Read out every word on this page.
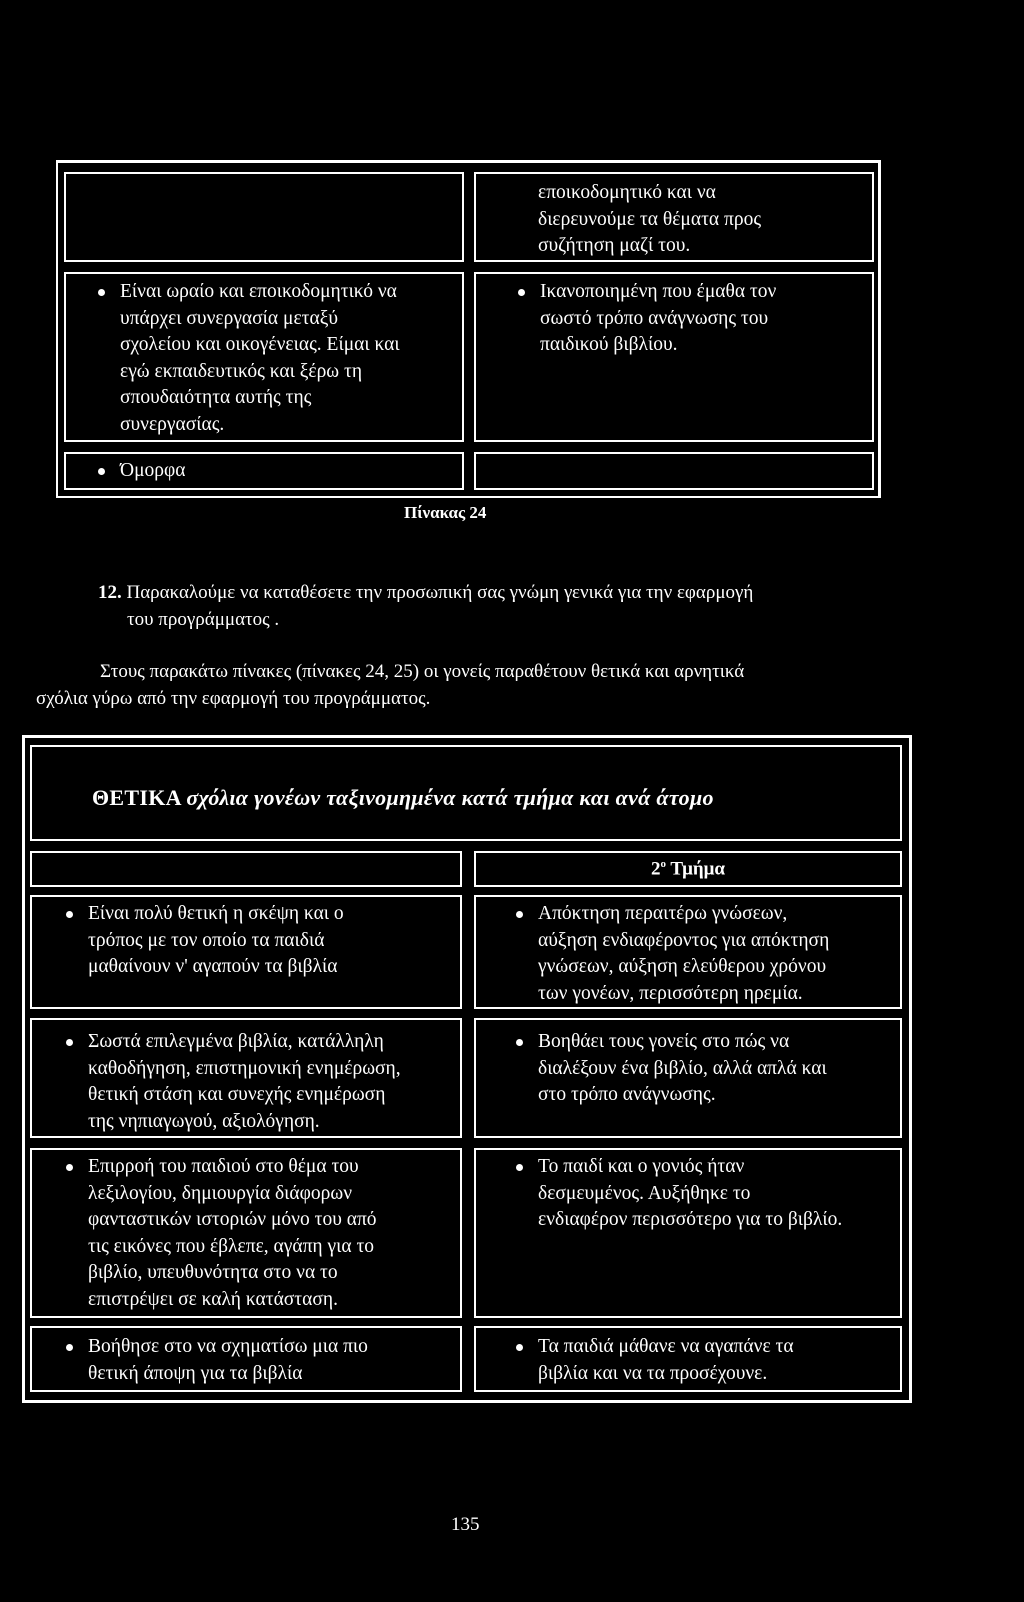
εποικοδομητικό και να
διερευνούμε τα θέματα προς
συζήτηση μαζί του.
Είναι ωραίο και εποικοδομητικό να
υπάρχει συνεργασία μεταξύ
σχολείου και οικογένειας. Είμαι και
εγώ εκπαιδευτικός και ξέρω τη
σπουδαιότητα αυτής της
συνεργασίας.
Ικανοποιημένη που έμαθα τον
σωστό τρόπο ανάγνωσης του
παιδικού βιβλίου.
Όμορφα
Πίνακας 24
12. Παρακαλούμε να καταθέσετε την προσωπική σας γνώμη γενικά για την εφαρμογή
του προγράμματος .
Στους παρακάτω πίνακες (πίνακες 24, 25) οι γονείς παραθέτουν θετικά και αρνητικά
σχόλια γύρω από την εφαρμογή του προγράμματος.
ΘΕΤΙΚΑ σχόλια γονέων ταξινομημένα κατά τμήμα και ανά άτομο
$2^o$ Τμήμα
Είναι πολύ θετική η σκέψη και ο
τρόπος με τον οποίο τα παιδιά
μαθαίνουν ν' αγαπούν τα βιβλία
Απόκτηση περαιτέρω γνώσεων,
αύξηση ενδιαφέροντος για απόκτηση
γνώσεων, αύξηση ελεύθερου χρόνου
των γονέων, περισσότερη ηρεμία.
Σωστά επιλεγμένα βιβλία, κατάλληλη
καθοδήγηση, επιστημονική ενημέρωση,
θετική στάση και συνεχής ενημέρωση
της νηπιαγωγού, αξιολόγηση.
Βοηθάει τους γονείς στο πώς να
διαλέξουν ένα βιβλίο, αλλά απλά και
στο τρόπο ανάγνωσης.
Επιρροή του παιδιού στο θέμα του
λεξιλογίου, δημιουργία διάφορων
φανταστικών ιστοριών μόνο του από
τις εικόνες που έβλεπε, αγάπη για το
βιβλίο, υπευθυνότητα στο να το
επιστρέψει σε καλή κατάσταση.
Το παιδί και ο γονιός ήταν
δεσμευμένος. Αυξήθηκε το
ενδιαφέρον περισσότερο για το βιβλίο.
Βοήθησε στο να σχηματίσω μια πιο
θετική άποψη για τα βιβλία
Τα παιδιά μάθανε να αγαπάνε τα
βιβλία και να τα προσέχουνε.
135
